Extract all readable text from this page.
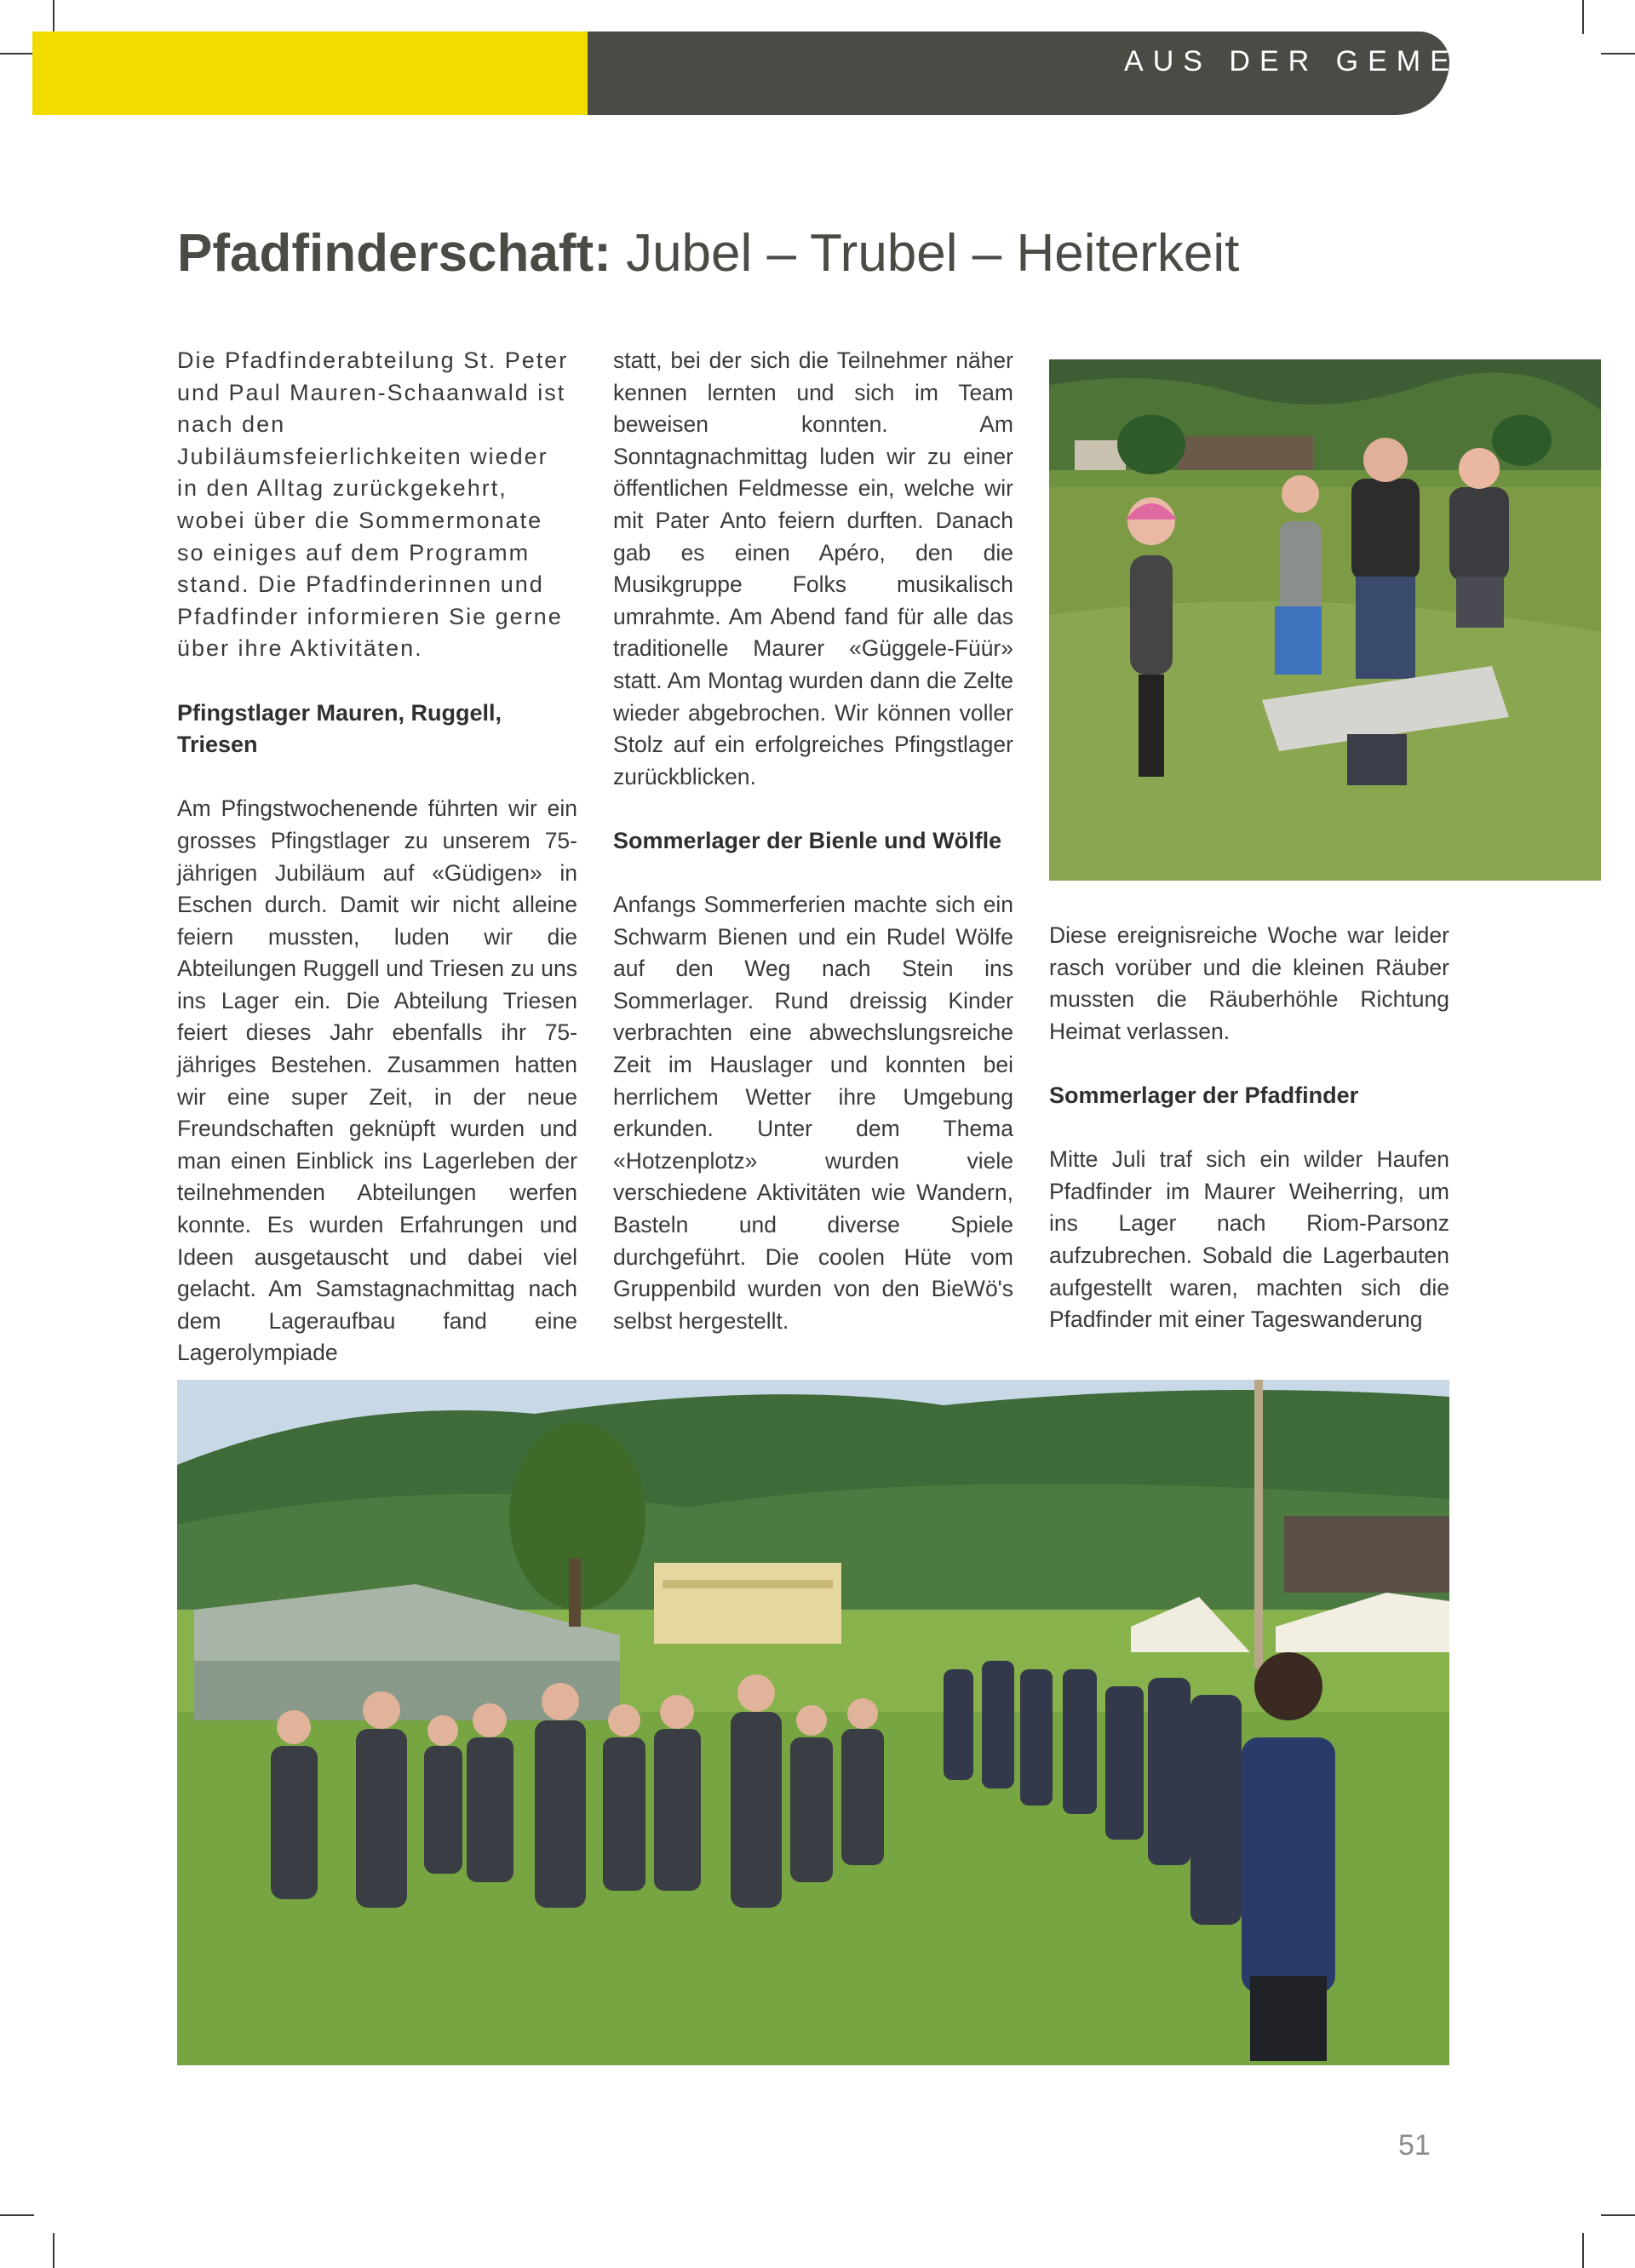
AUS DER GEMEINDE
Pfadfinderschaft: Jubel – Trubel – Heiterkeit

Die Pfadfinderabteilung St. Peter und Paul Mauren-Schaanwald ist nach den Jubiläumsfeierlichkeiten wieder in den Alltag zurückgekehrt, wobei über die Sommermonate so einiges auf dem Programm stand. Die Pfadfinderinnen und Pfadfinder informieren Sie gerne über ihre Aktivitäten.

Pfingstlager Mauren, Ruggell, Triesen

Am Pfingstwochenende führten wir ein grosses Pfingstlager zu unserem 75-jährigen Jubiläum auf «Güdigen» in Eschen durch. Damit wir nicht alleine feiern mussten, luden wir die Abteilungen Ruggell und Triesen zu uns ins Lager ein. Die Abteilung Triesen feiert dieses Jahr ebenfalls ihr 75-jähriges Bestehen. Zusammen hatten wir eine super Zeit, in der neue Freundschaften geknüpft wurden und man einen Einblick ins Lagerleben der teilnehmenden Abteilungen werfen konnte. Es wurden Erfahrungen und Ideen ausgetauscht und dabei viel gelacht. Am Samstagnachmittag nach dem Lageraufbau fand eine Lagerolympiade

statt, bei der sich die Teilnehmer näher kennen lernten und sich im Team beweisen konnten. Am Sonntagnachmittag luden wir zu einer öffentlichen Feldmesse ein, welche wir mit Pater Anto feiern durften. Danach gab es einen Apéro, den die Musikgruppe Folks musikalisch umrahmte. Am Abend fand für alle das traditionelle Maurer «Güggele-Füür» statt. Am Montag wurden dann die Zelte wieder abgebrochen. Wir können voller Stolz auf ein erfolgreiches Pfingstlager zurückblicken.

Sommerlager der Bienle und Wölfle

Anfangs Sommerferien machte sich ein Schwarm Bienen und ein Rudel Wölfe auf den Weg nach Stein ins Sommerlager. Rund dreissig Kinder verbrachten eine abwechslungsreiche Zeit im Hauslager und konnten bei herrlichem Wetter ihre Umgebung erkunden. Unter dem Thema «Hotzenplotz» wurden viele verschiedene Aktivitäten wie Wandern, Basteln und diverse Spiele durchgeführt. Die coolen Hüte vom Gruppenbild wurden von den BieWö's selbst hergestellt.

Diese ereignisreiche Woche war leider rasch vorüber und die kleinen Räuber mussten die Räuberhöhle Richtung Heimat verlassen.

Sommerlager der Pfadfinder

Mitte Juli traf sich ein wilder Haufen Pfadfinder im Maurer Weiherring, um ins Lager nach Riom-Parsonz aufzubrechen. Sobald die Lagerbauten aufgestellt waren, machten sich die Pfadfinder mit einer Tageswanderung

51
